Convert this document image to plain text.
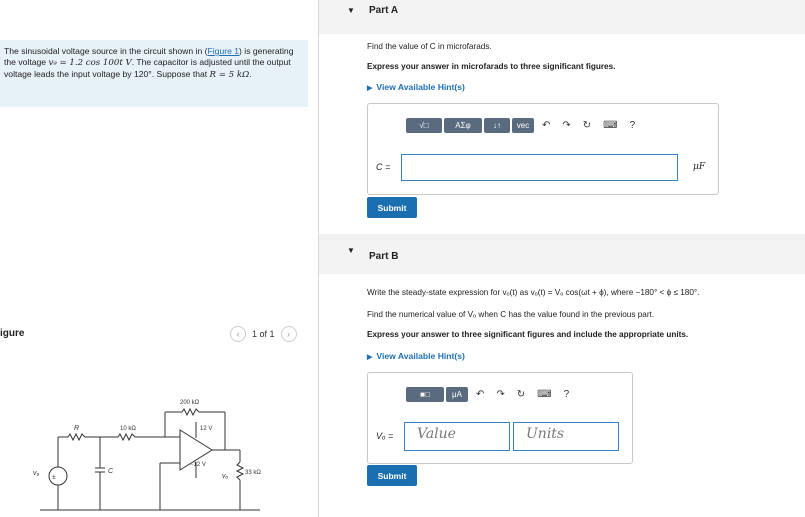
The sinusoidal voltage source in the circuit shown in (Figure 1) is generating the voltage v₉ = 1.2 cos 100t V. The capacitor is adjusted until the output voltage leads the input voltage by 120°. Suppose that R = 5 kΩ.
igure	‹	1 of 1	›
±
v₉
R
C
10 kΩ
200 kΩ
12 V
−12 V
33 kΩ
vₒ
▼ Part A
Find the value of C in microfarads.
Express your answer in microfarads to three significant figures.
▶ View Available Hint(s)
√□	ΑΣφ	↓↑	vec	↶ ↷ ↻ ⌨ ?
C =	μF
Submit
▼
Part B
Write the steady-state expression for vₒ(t) as vₒ(t) = Vₒ cos(ωt + ϕ), where −180° < ϕ ≤ 180°.
Find the numerical value of Vₒ when C has the value found in the previous part.
Express your answer to three significant figures and include the appropriate units.
▶ View Available Hint(s)
■□	μA	↶ ↷ ↻ ⌨ ?
Vₒ = Value	Units
Submit
